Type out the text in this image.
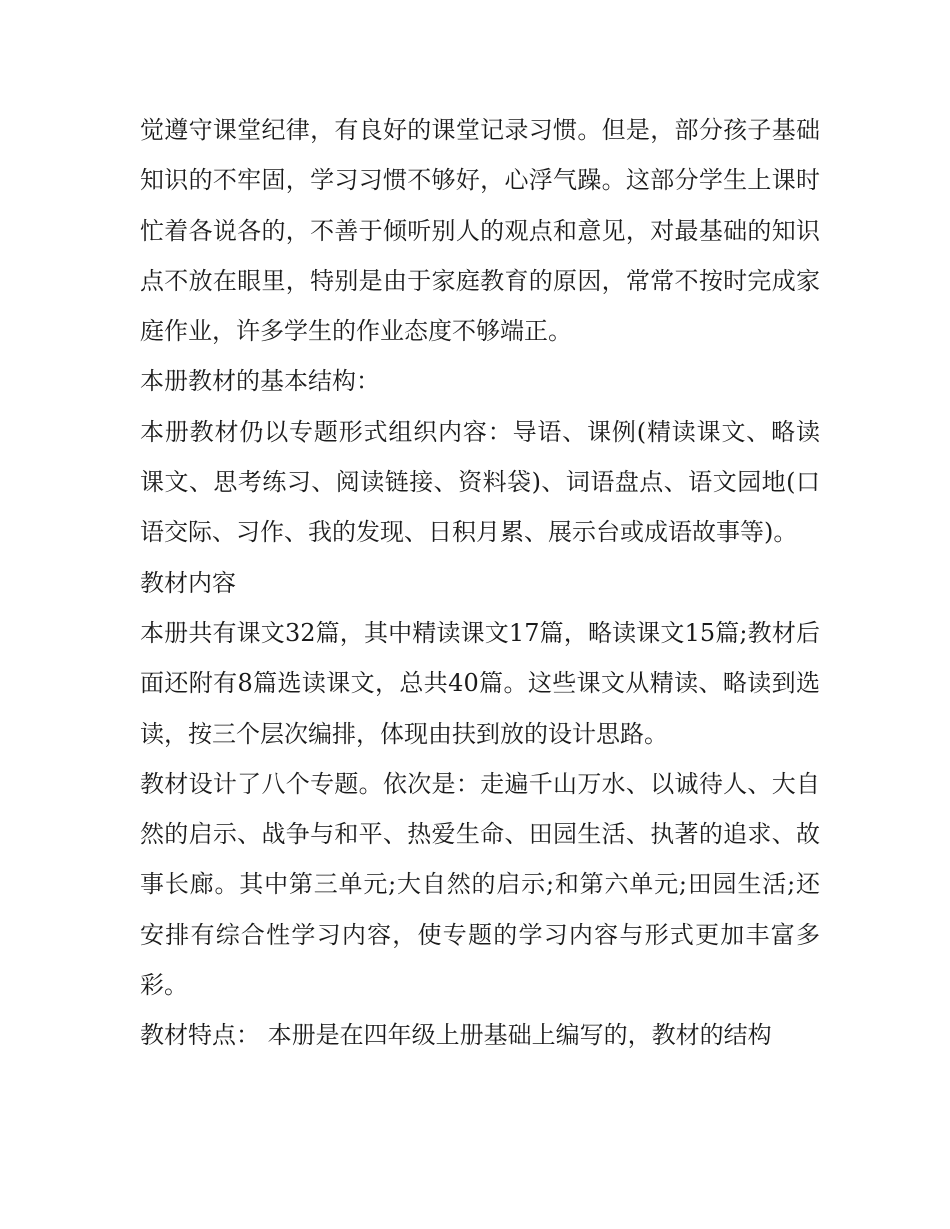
觉遵守课堂纪律，有良好的课堂记录习惯。但是，部分孩子基础知识的不牢固，学习习惯不够好，心浮气躁。这部分学生上课时忙着各说各的，不善于倾听别人的观点和意见，对最基础的知识点不放在眼里，特别是由于家庭教育的原因，常常不按时完成家庭作业，许多学生的作业态度不够端正。

本册教材的基本结构：

本册教材仍以专题形式组织内容：导语、课例(精读课文、略读课文、思考练习、阅读链接、资料袋)、词语盘点、语文园地(口语交际、习作、我的发现、日积月累、展示台或成语故事等)。

教材内容

本册共有课文32篇，其中精读课文17篇，略读课文15篇;教材后面还附有8篇选读课文，总共40篇。这些课文从精读、略读到选读，按三个层次编排，体现由扶到放的设计思路。

教材设计了八个专题。依次是：走遍千山万水、以诚待人、大自然的启示、战争与和平、热爱生命、田园生活、执著的追求、故事长廊。其中第三单元;大自然的启示;和第六单元;田园生活;还安排有综合性学习内容，使专题的学习内容与形式更加丰富多彩。

教材特点： 本册是在四年级上册基础上编写的，教材的结构
